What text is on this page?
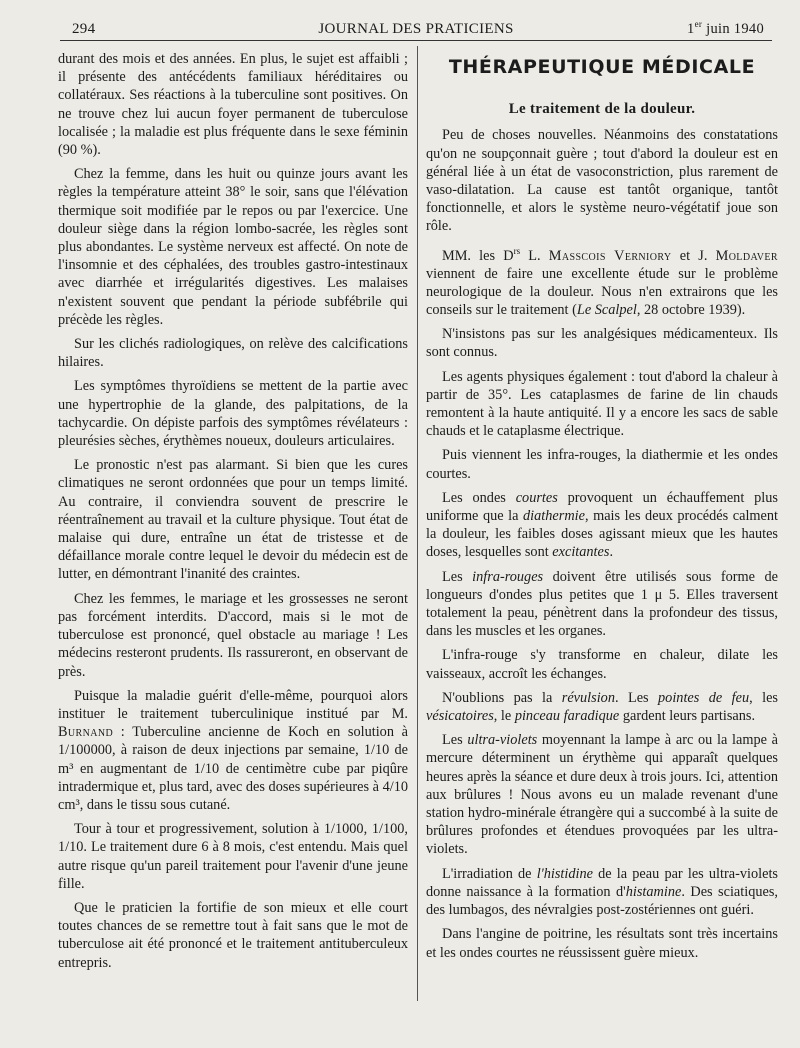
294	JOURNAL DES PRATICIENS	1er juin 1940

durant des mois et des années. En plus, le sujet est affaibli ; il présente des antécédents familiaux héréditaires ou collatéraux. Ses réactions à la tuberculine sont positives. On ne trouve chez lui aucun foyer permanent de tuberculose localisée ; la maladie est plus fréquente dans le sexe féminin (90 %).

Chez la femme, dans les huit ou quinze jours avant les règles la température atteint 38° le soir, sans que l'élévation thermique soit modifiée par le repos ou par l'exercice. Une douleur siège dans la région lombo-sacrée, les règles sont plus abondantes. Le système nerveux est affecté. On note de l'insomnie et des céphalées, des troubles gastro-intestinaux avec diarrhée et irrégularités digestives. Les malaises n'existent souvent que pendant la période subfébrile qui précède les règles.

Sur les clichés radiologiques, on relève des calcifications hilaires.

Les symptômes thyroïdiens se mettent de la partie avec une hypertrophie de la glande, des palpitations, de la tachycardie. On dépiste parfois des symptômes révélateurs : pleurésies sèches, érythèmes noueux, douleurs articulaires.

Le pronostic n'est pas alarmant. Si bien que les cures climatiques ne seront ordonnées que pour un temps limité. Au contraire, il conviendra souvent de prescrire le réentraînement au travail et la culture physique. Tout état de malaise qui dure, entraîne un état de tristesse et de défaillance morale contre lequel le devoir du médecin est de lutter, en démontrant l'inanité des craintes.

Chez les femmes, le mariage et les grossesses ne seront pas forcément interdits. D'accord, mais si le mot de tuberculose est prononcé, quel obstacle au mariage ! Les médecins resteront prudents. Ils rassureront, en observant de près.

Puisque la maladie guérit d'elle-même, pourquoi alors instituer le traitement tuberculinique institué par M. Burnand : Tuberculine ancienne de Koch en solution à 1/100000, à raison de deux injections par semaine, 1/10 de m³ en augmentant de 1/10 de centimètre cube par piqûre intradermique et, plus tard, avec des doses supérieures à 4/10 cm³, dans le tissu sous cutané.

Tour à tour et progressivement, solution à 1/1000, 1/100, 1/10. Le traitement dure 6 à 8 mois, c'est entendu. Mais quel autre risque qu'un pareil traitement pour l'avenir d'une jeune fille.

Que le praticien la fortifie de son mieux et elle court toutes chances de se remettre tout à fait sans que le mot de tuberculose ait été prononcé et le traitement antituberculeux entrepris.

THÉRAPEUTIQUE MÉDICALE
Le traitement de la douleur.

Peu de choses nouvelles. Néanmoins des constatations qu'on ne soupçonnait guère ; tout d'abord la douleur est en général liée à un état de vasoconstriction, plus rarement de vaso-dilatation. La cause est tantôt organique, tantôt fonctionnelle, et alors le système neuro-végétatif joue son rôle.

MM. les $D^{rs}$ L. Masscois Verniory et J. Moldaver viennent de faire une excellente étude sur le problème neurologique de la douleur. Nous n'en extrairons que les conseils sur le traitement (Le Scalpel, 28 octobre 1939).

N'insistons pas sur les analgésiques médicamenteux. Ils sont connus.

Les agents physiques également : tout d'abord la chaleur à partir de 35°. Les cataplasmes de farine de lin chauds remontent à la haute antiquité. Il y a encore les sacs de sable chauds et le cataplasme électrique.

Puis viennent les infra-rouges, la diathermie et les ondes courtes.

Les ondes courtes provoquent un échauffement plus uniforme que la diathermie, mais les deux procédés calment la douleur, les faibles doses agissant mieux que les hautes doses, lesquelles sont excitantes.

Les infra-rouges doivent être utilisés sous forme de longueurs d'ondes plus petites que 1 μ 5. Elles traversent totalement la peau, pénètrent dans la profondeur des tissus, dans les muscles et les organes.

L'infra-rouge s'y transforme en chaleur, dilate les vaisseaux, accroît les échanges.

N'oublions pas la révulsion. Les pointes de feu, les vésicatoires, le pinceau faradique gardent leurs partisans.

Les ultra-violets moyennant la lampe à arc ou la lampe à mercure déterminent un érythème qui apparaît quelques heures après la séance et dure deux à trois jours. Ici, attention aux brûlures ! Nous avons eu un malade revenant d'une station hydro-minérale étrangère qui a succombé à la suite de brûlures profondes et étendues provoquées par les ultra-violets.

L'irradiation de l'histidine de la peau par les ultra-violets donne naissance à la formation d'histamine. Des sciatiques, des lumbagos, des névralgies post-zostériennes ont guéri.

Dans l'angine de poitrine, les résultats sont très incertains et les ondes courtes ne réussissent guère mieux.
